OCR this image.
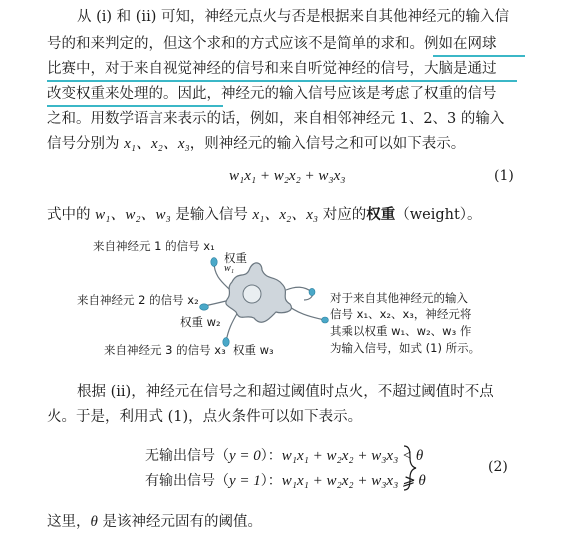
从 (i) 和 (ii) 可知，神经元点火与否是根据来自其他神经元的输入信
号的和来判定的，但这个求和的方式应该不是简单的求和。例如在网球
比赛中，对于来自视觉神经的信号和来自听觉神经的信号，大脑是通过
改变权重来处理的。因此，神经元的输入信号应该是考虑了权重的信号
之和。用数学语言来表示的话，例如，来自相邻神经元 1、2、3 的输入
信号分别为 x₁、x₂、x₃，则神经元的输入信号之和可以如下表示。
w₁x₁ + w₂x₂ + w₃x₃	(1)
式中的 w₁、w₂、w₃ 是输入信号 x₁、x₂、x₃ 对应的权重（weight）。
来自神经元 1 的信号 x₁
权重
w₁
来自神经元 2 的信号 x₂
权重 w₂
来自神经元 3 的信号 x₃ 权重 w₃
对于来自其他神经元的输入
信号 x₁、x₂、x₃，神经元将
其乘以权重 w₁、w₂、w₃ 作
为输入信号，如式 (1) 所示。
根据 (ii)，神经元在信号之和超过阈值时点火，不超过阈值时不点
火。于是，利用式 (1)，点火条件可以如下表示。
无输出信号（y = 0）：w₁x₁ + w₂x₂ + w₃x₃ < θ
有输出信号（y = 1）：w₁x₁ + w₂x₂ + w₃x₃ ⩾ θ
(2)
这里，θ 是该神经元固有的阈值。
